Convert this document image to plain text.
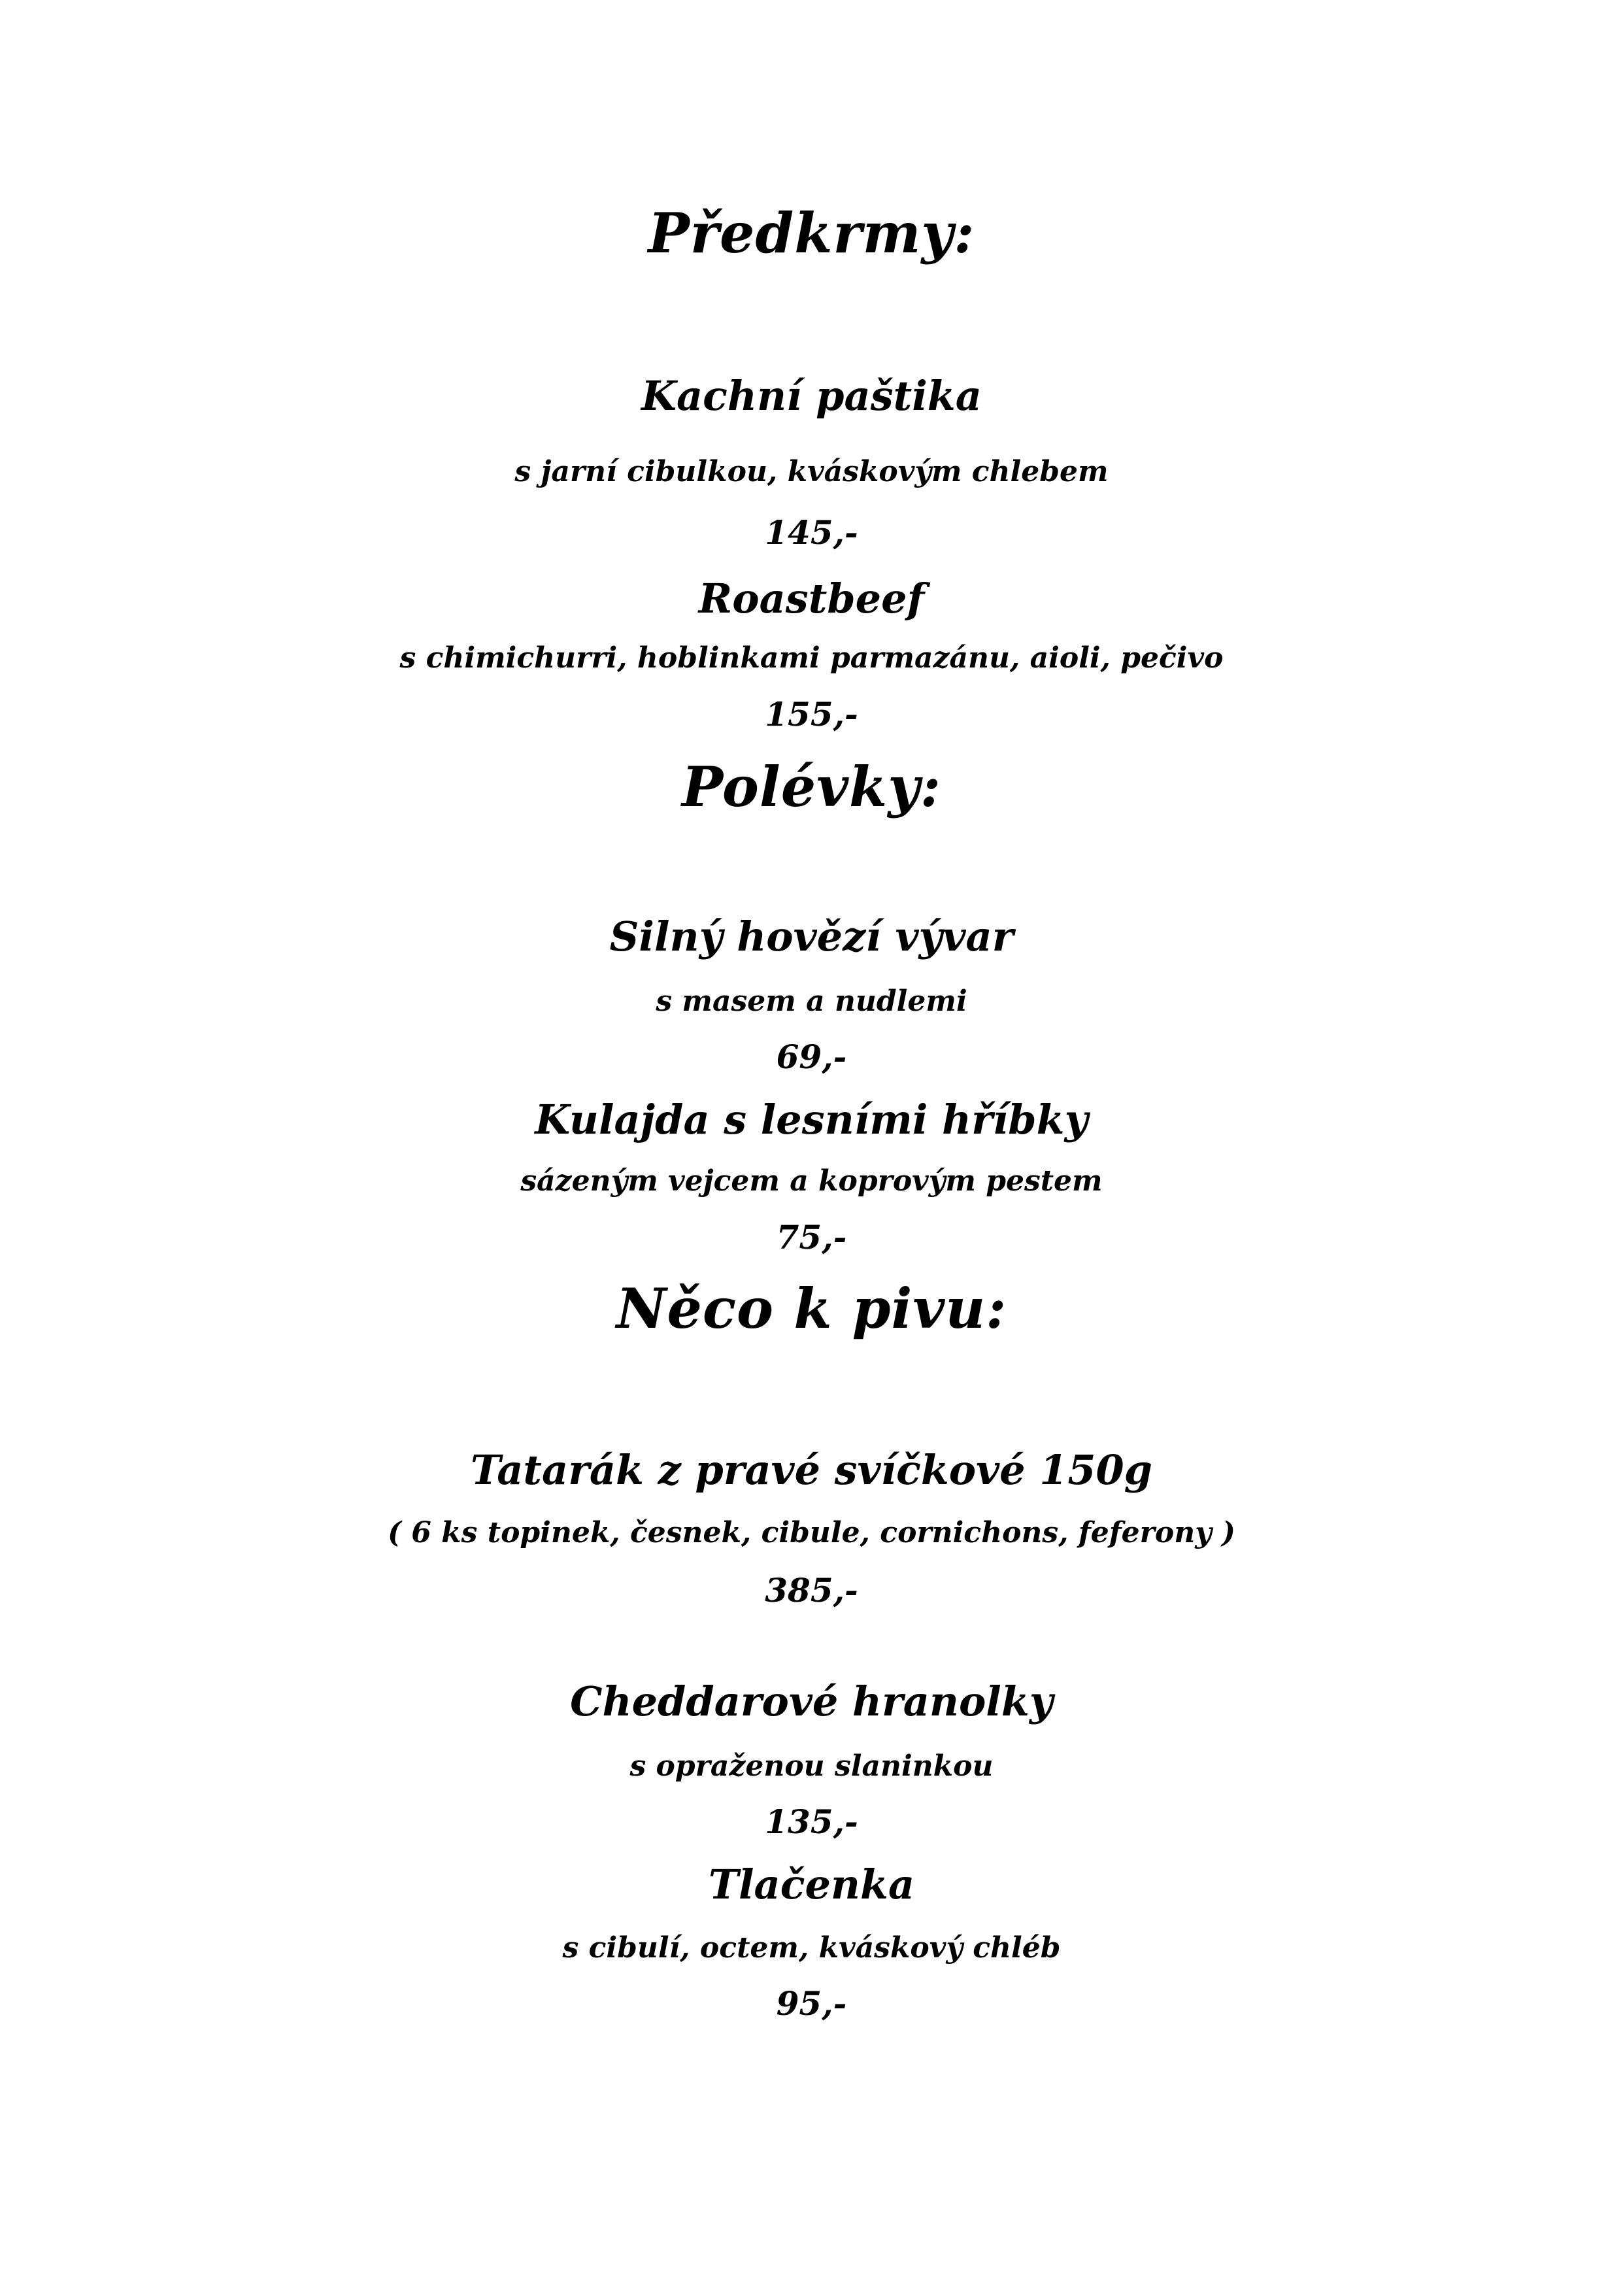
Předkrmy:
Kachní paštika
s jarní cibulkou, kváskovým chlebem
145,-
Roastbeef
s chimichurri, hoblinkami parmazánu, aioli, pečivo
155,-
Polévky:
Silný hovězí vývar
s masem a nudlemi
69,-
Kulajda s lesními hříbky
sázeným vejcem a koprovým pestem
75,-
Něco k pivu:
Tatarák z pravé svíčkové 150g
( 6 ks topinek, česnek, cibule, cornichons, feferony )
385,-
Cheddarové hranolky
s opraženou slaninkou
135,-
Tlačenka
s cibulí, octem, kváskový chléb
95,-
